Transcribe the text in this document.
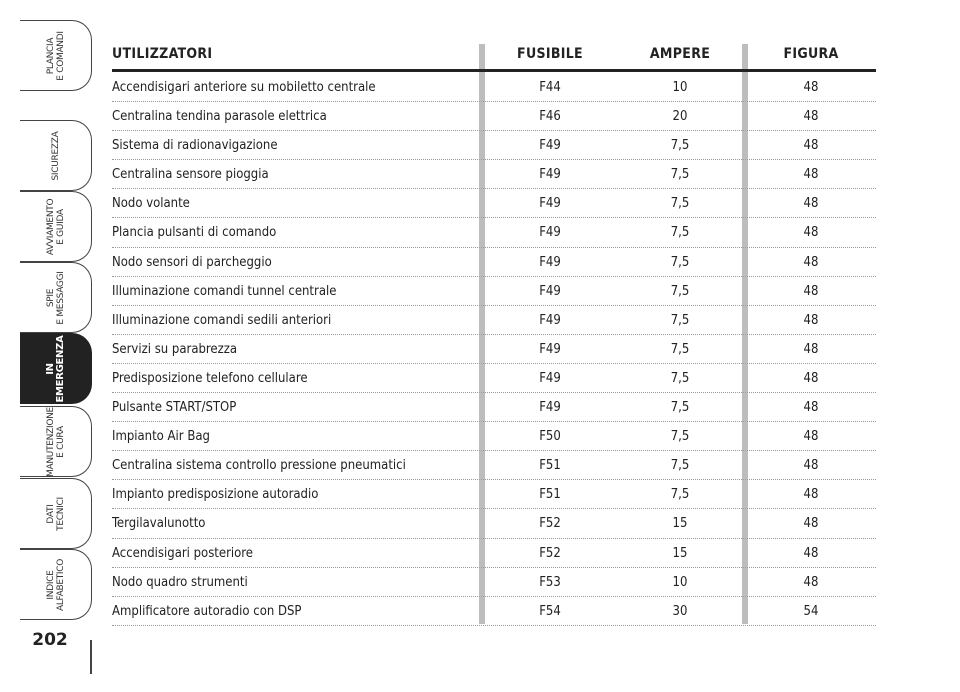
PLANCIA E COMANDI
SICUREZZA
AVVIAMENTO E GUIDA
SPIE E MESSAGGI
IN EMERGENZA
MANUTENZIONE E CURA
DATI TECNICI
INDICE ALFABETICO
202
UTILIZZATORI	FUSIBILE	AMPERE	FIGURA
Accendisigari anteriore su mobiletto centrale	F44	10	48
Centralina tendina parasole elettrica	F46	20	48
Sistema di radionavigazione	F49	7,5	48
Centralina sensore pioggia	F49	7,5	48
Nodo volante	F49	7,5	48
Plancia pulsanti di comando	F49	7,5	48
Nodo sensori di parcheggio	F49	7,5	48
Illuminazione comandi tunnel centrale	F49	7,5	48
Illuminazione comandi sedili anteriori	F49	7,5	48
Servizi su parabrezza	F49	7,5	48
Predisposizione telefono cellulare	F49	7,5	48
Pulsante START/STOP	F49	7,5	48
Impianto Air Bag	F50	7,5	48
Centralina sistema controllo pressione pneumatici	F51	7,5	48
Impianto predisposizione autoradio	F51	7,5	48
Tergilavalunotto	F52	15	48
Accendisigari posteriore	F52	15	48
Nodo quadro strumenti	F53	10	48
Amplificatore autoradio con DSP	F54	30	54
